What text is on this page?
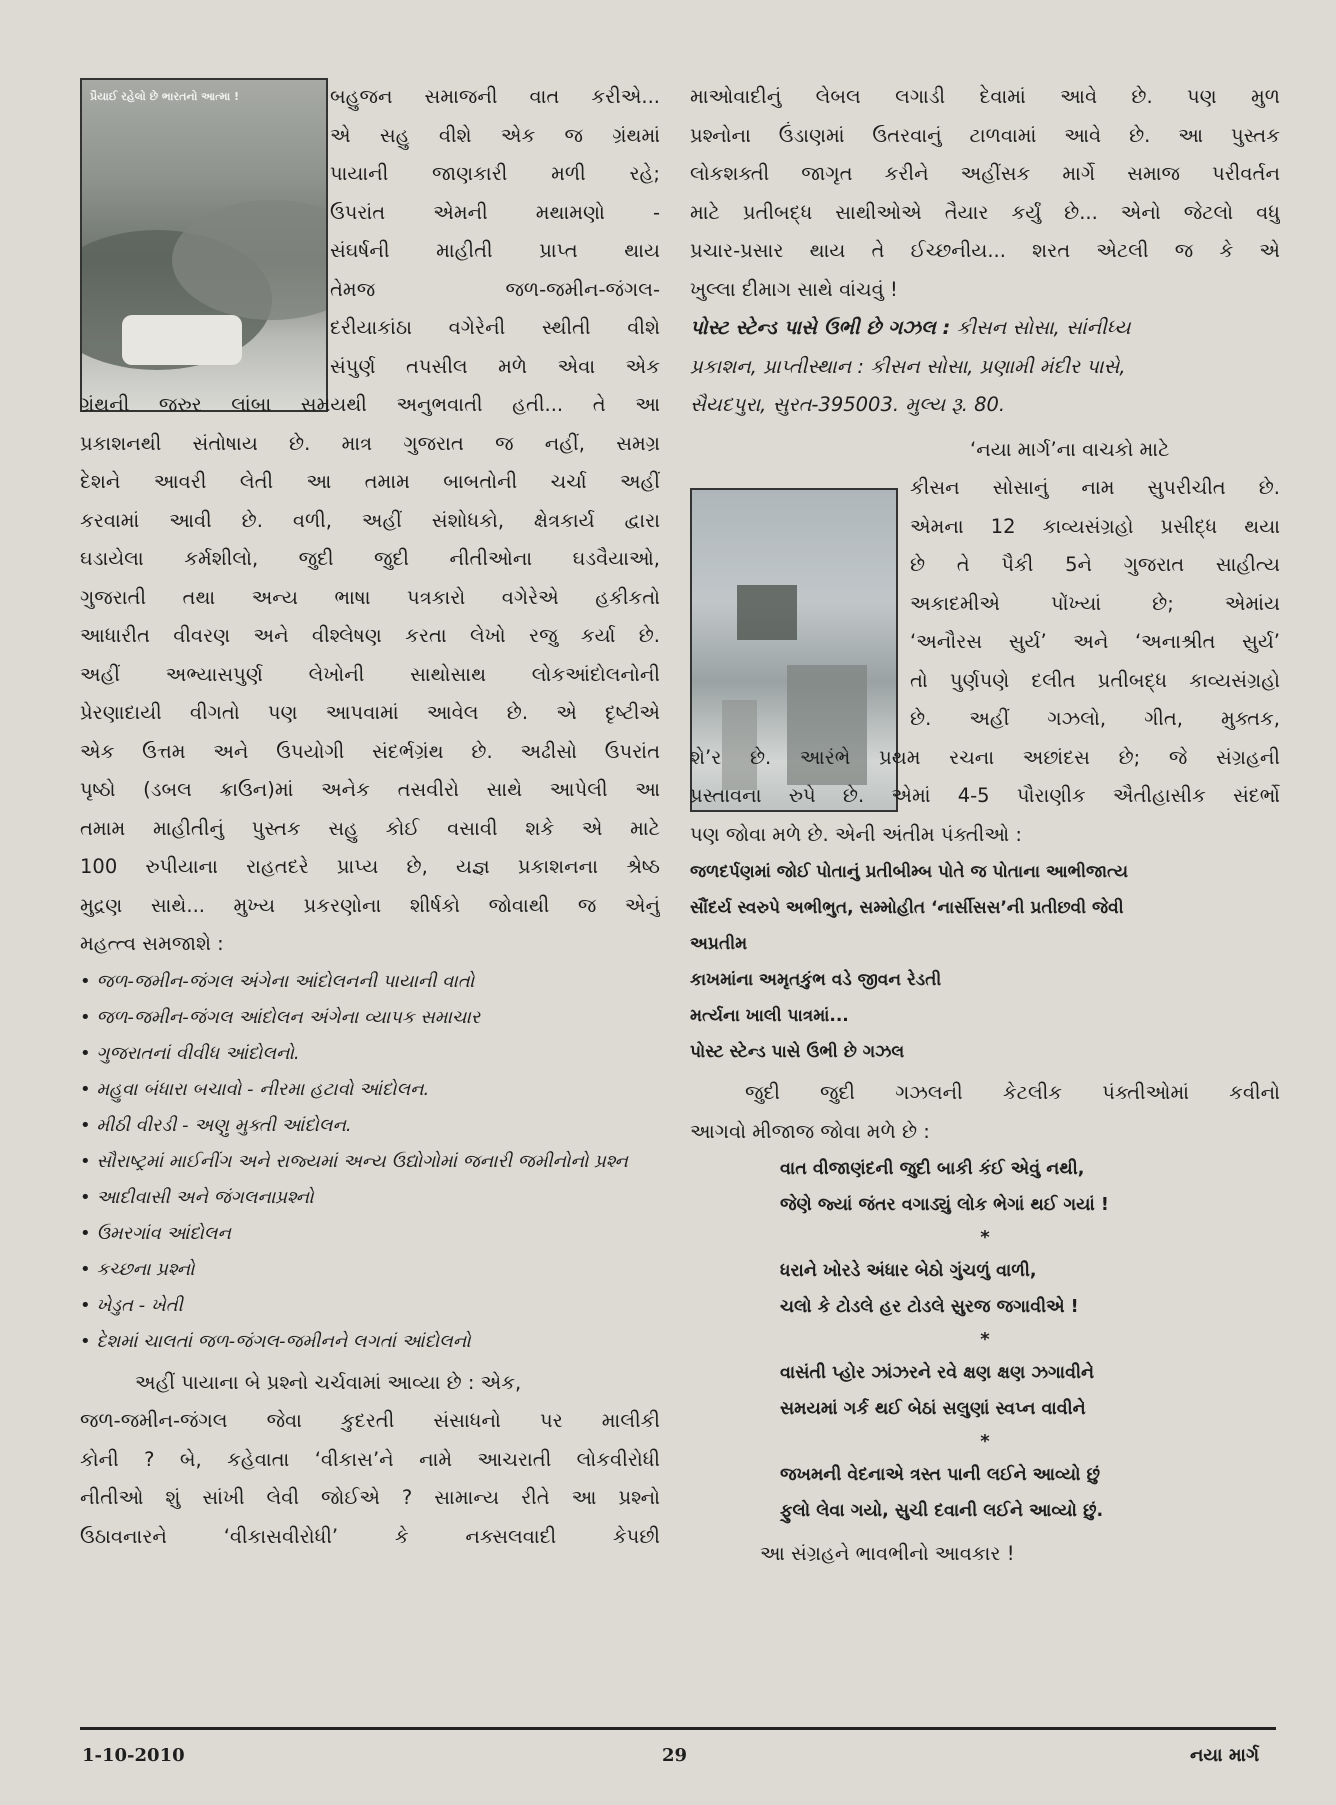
પ્રૈયાઈ રહેલો છે ભારતનો આત્મા !	બહુજન સમાજની વાત કરીએ...
એ સહુ વીશે એક જ ગ્રંથમાં
પાયાની જાણકારી મળી રહે;
ઉપરાંત એમની મથામણો -
સંઘર્ષની માહીતી પ્રાપ્ત થાય
તેમજ જળ-જમીન-જંગલ-
દરીયાકાંઠા વગેરેની સ્થીતી વીશે
સંપુર્ણ તપસીલ મળે એવા એક
ગ્રંથની જરુર લાંબા સમયથી અનુભવાતી હતી... તે આ
પ્રકાશનથી સંતોષાય છે. માત્ર ગુજરાત જ નહીં, સમગ્ર
દેશને આવરી લેતી આ તમામ બાબતોની ચર્ચા અહીં
કરવામાં આવી છે. વળી, અહીં સંશોધકો, ક્ષેત્રકાર્ય દ્વારા
ઘડાયેલા કર્મશીલો, જુદી જુદી નીતીઓના ઘડવૈયાઓ,
ગુજરાતી તથા અન્ય ભાષા પત્રકારો વગેરેએ હકીકતો
આધારીત વીવરણ અને વીશ્લેષણ કરતા લેખો રજુ કર્યા છે.
અહીં અભ્યાસપુર્ણ લેખોની સાથોસાથ લોકઆંદોલનોની
પ્રેરણાદાયી વીગતો પણ આપવામાં આવેલ છે. એ દૃષ્ટીએ
એક ઉત્તમ અને ઉપયોગી સંદર્ભગ્રંથ છે. અઢીસો ઉપરાંત
પૃષ્ઠો (ડબલ ક્રાઉન)માં અનેક તસવીરો સાથે આપેલી આ
તમામ માહીતીનું પુસ્તક સહુ કોઈ વસાવી શકે એ માટે
100 રુપીયાના રાહતદરે પ્રાપ્ય છે, યજ્ઞ પ્રકાશનના શ્રેષ્ઠ
મુદ્રણ સાથે... મુખ્ય પ્રકરણોના શીર્ષકો જોવાથી જ એનું
મહત્ત્વ સમજાશે :
• જળ-જમીન-જંગલ અંગેના આંદોલનની પાયાની વાતો
• જળ-જમીન-જંગલ આંદોલન અંગેના વ્યાપક સમાચાર
• ગુજરાતનાં વીવીધ આંદોલનો.
• મહુવા બંધારા બચાવો - નીરમા હટાવો આંદોલન.
• મીઠી વીરડી - અણુ મુક્તી આંદોલન.
• સૌરાષ્ટ્રમાં માઈનીંગ અને રાજ્યમાં અન્ય ઉદ્યોગોમાં જનારી જમીનોનો પ્રશ્ન
• આદીવાસી અને જંગલનાપ્રશ્નો
• ઉમરગાંવ આંદોલન
• કચ્છના પ્રશ્નો
• ખેડુત - ખેતી
• દેશમાં ચાલતાં જળ-જંગલ-જમીનને લગતાં આંદોલનો
અહીં પાયાના બે પ્રશ્નો ચર્ચવામાં આવ્યા છે : એક,
જળ-જમીન-જંગલ જેવા કુદરતી સંસાધનો પર માલીકી
કોની ? બે, કહેવાતા ‘વીકાસ’ને નામે આચરાતી લોકવીરોધી
નીતીઓ શું સાંખી લેવી જોઈએ ? સામાન્ય રીતે આ પ્રશ્નો
ઉઠાવનારને ‘વીકાસવીરોધી’ કે નક્સલવાદી કેપછી
માઓવાદીનું લેબલ લગાડી દેવામાં આવે છે. પણ મુળ
પ્રશ્નોના ઉંડાણમાં ઉતરવાનું ટાળવામાં આવે છે. આ પુસ્તક
લોકશક્તી જાગૃત કરીને અહીંસક માર્ગે સમાજ પરીવર્તન
માટે પ્રતીબદ્ધ સાથીઓએ તૈયાર કર્યું છે... એનો જેટલો વધુ
પ્રચાર-પ્રસાર થાય તે ઈચ્છનીય... શરત એટલી જ કે એ
ખુલ્લા દીમાગ સાથે વાંચવું !
પોસ્ટ સ્ટેન્ડ પાસે ઉભી છે ગઝલ : કીસન સોસા, સાંનીધ્ય
પ્રકાશન, પ્રાપ્તીસ્થાન : કીસન સોસા, પ્રણામી મંદીર પાસે,
સૈયદપુરા, સુરત-395003. મુલ્ય રૂ. 80.
‘નયા માર્ગ’ના વાચકો માટે
કીસન સોસાનું નામ સુપરીચીત છે.
એમના 12 કાવ્યસંગ્રહો પ્રસીદ્ધ થયા
છે તે પૈકી 5ને ગુજરાત સાહીત્ય
અકાદમીએ પોંખ્યાં છે; એમાંય
‘અનૌરસ સુર્ય’ અને ‘અનાશ્રીત સુર્ય’
તો પુર્ણપણે દલીત પ્રતીબદ્ધ કાવ્યસંગ્રહો
છે. અહીં ગઝલો, ગીત, મુક્તક,
શે’ર છે. આરંભે પ્રથમ રચના અછાંદસ છે; જે સંગ્રહની
પ્રસ્તાવના રુપે છે. એમાં 4-5 પૌરાણીક ઐતીહાસીક સંદર્ભો
પણ જોવા મળે છે. એની અંતીમ પંક્તીઓ :
જળદર્પણમાં જોઈ પોતાનું પ્રતીબીમ્બ પોતે જ પોતાના આભીજાત્ય
સૌંદર્ય સ્વરુપે અભીભુત, સમ્મોહીત ‘નાર્સીસસ’ની પ્રતીછવી જેવી
અપ્રતીમ
કાખમાંના અમૃતકુંભ વડે જીવન રેડતી
મર્ત્યના ખાલી પાત્રમાં...
પોસ્ટ સ્ટેન્ડ પાસે ઉભી છે ગઝલ
જુદી જુદી ગઝલની કેટલીક પંક્તીઓમાં કવીનો
આગવો મીજાજ જોવા મળે છે :
વાત વીજાણંદની જુદી બાકી કંઈ એવું નથી,
જેણે જ્યાં જંતર વગાડ્યું લોક ભેગાં થઈ ગયાં !
*
ધરાને ખોરડે અંધાર બેઠો ગુંચળું વાળી,
ચલો કે ટોડલે હર ટોડલે સુરજ જગાવીએ !
*
વાસંતી પ્હોર ઝાંઝરને રવે ક્ષણ ક્ષણ ઝગાવીને
સમયમાં ગર્ક થઈ બેઠાં સલુણાં સ્વપ્ન વાવીને
*
જખમની વેદનાએ ત્રસ્ત પાની લઈને આવ્યો છું
ફુલો લેવા ગયો, સુચી દવાની લઈને આવ્યો છું.
આ સંગ્રહને ભાવભીનો આવકાર !
1-10-2010	29	નયા માર્ગ
